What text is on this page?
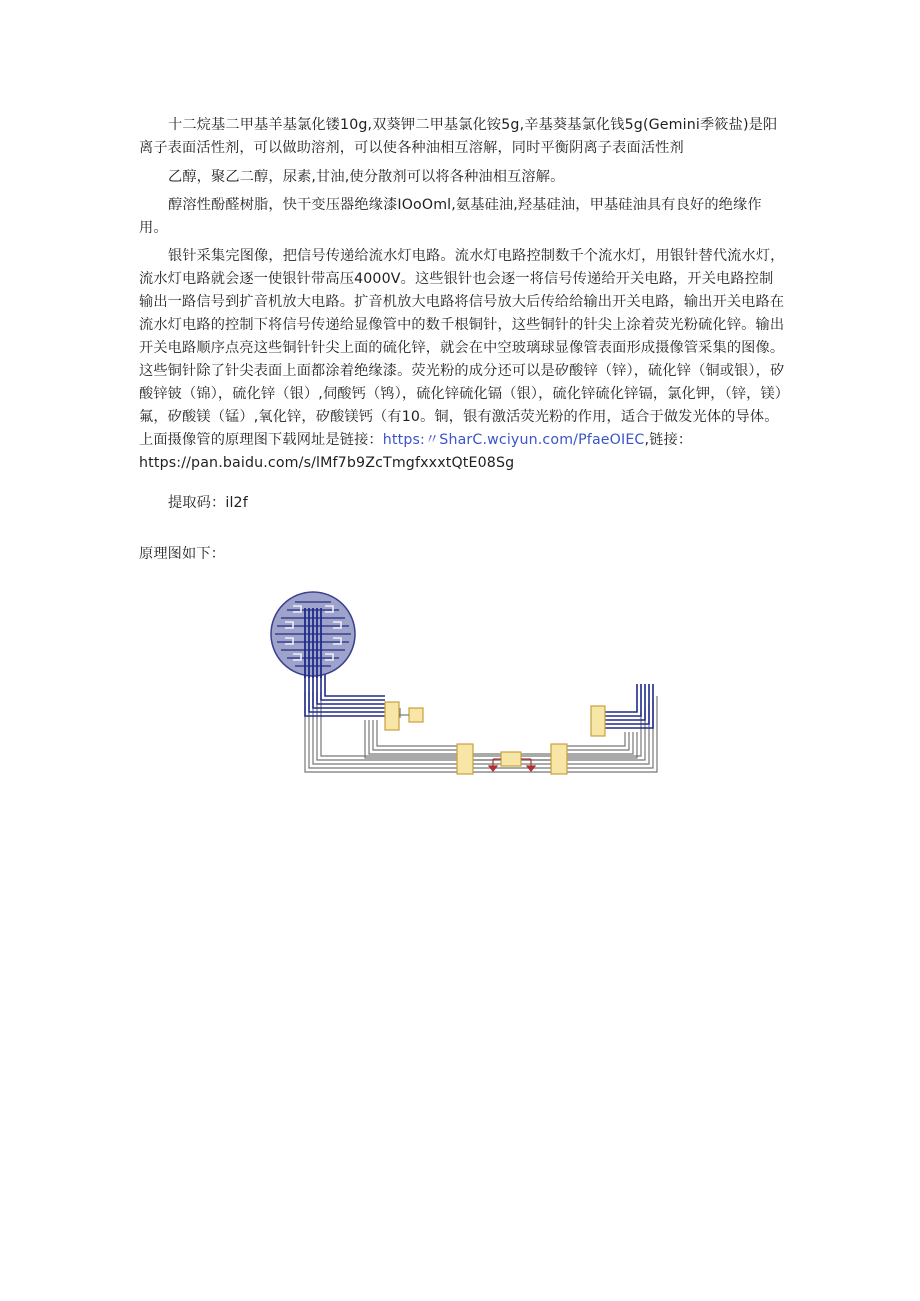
十二烷基二甲基羊基氯化镂10g,双葵钾二甲基氯化铵5g,辛基葵基氯化钱5g(Gemini季筱盐)是阳离子表面活性剂，可以做助溶剂，可以使各种油相互溶解，同时平衡阴离子表面活性剂

乙醇，聚乙二醇，尿素,甘油,使分散剂可以将各种油相互溶解。

醇溶性酚醛树脂，快干变压器绝缘漆IOoOml,氨基硅油,羟基硅油，甲基硅油具有良好的绝缘作用。

银针采集完图像，把信号传递给流水灯电路。流水灯电路控制数千个流水灯，用银针替代流水灯，流水灯电路就会逐一使银针带高压4000V。这些银针也会逐一将信号传递给开关电路，开关电路控制输出一路信号到扩音机放大电路。扩音机放大电路将信号放大后传给给输出开关电路，输出开关电路在流水灯电路的控制下将信号传递给显像管中的数千根铜针，这些铜针的针尖上涂着荧光粉硫化锌。输出开关电路顺序点亮这些铜针针尖上面的硫化锌，就会在中空玻璃球显像管表面形成摄像管采集的图像。这些铜针除了针尖表面上面都涂着绝缘漆。荧光粉的成分还可以是矽酸锌（锌），硫化锌（铜或银），矽酸锌铍（锦），硫化锌（银）,伺酸钙（鸨），硫化锌硫化镉（银），硫化锌硫化锌镉，氯化钾，（锌，镁）氟，矽酸镁（锰）,氧化锌，矽酸镁钙（有10。铜，银有激活荧光粉的作用，适合于做发光体的导体。上面摄像管的原理图下载网址是链接：https:〃SharC.wciyun.com/PfaeOIEC,链接：https://pan.baidu.com/s/lMf7b9ZcTmgfxxxtQtE08Sg

提取码：il2f

原理图如下：
